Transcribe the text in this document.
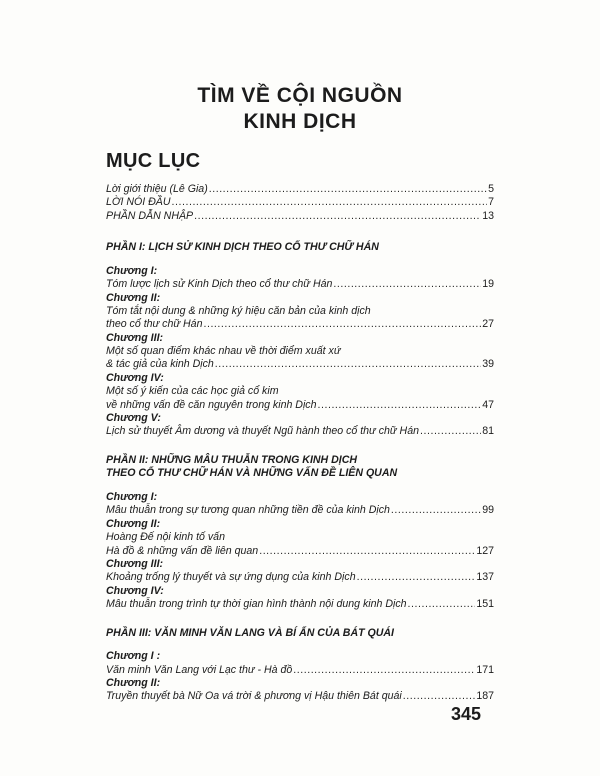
TÌM VỀ CỘI NGUỒN
KINH DỊCH
MỤC LỤC
Lời giới thiệu (Lê Gia) . . .	5
LỜI NÓI ĐẦU . . .	7
PHẦN DẪN NHẬP . . .	13
PHẦN I: LỊCH SỬ KINH DỊCH THEO CỔ THƯ CHỮ HÁN
Chương I:
Tóm lược lịch sử Kinh Dịch theo cổ thư chữ Hán . . .	19
Chương II:
Tóm tắt nội dung & những ký hiệu căn bản của kinh dịch
theo cổ thư chữ Hán . . .	27
Chương III:
Một số quan điểm khác nhau về thời điểm xuất xứ
& tác giả của kinh Dịch . . .	39
Chương IV:
Một số ý kiến của các học giả cổ kim
về những vấn đề căn nguyên trong kinh Dịch . . .	47
Chương V:
Lịch sử thuyết Âm dương và thuyết Ngũ hành theo cổ thư chữ Hán . . .	81
PHẦN II: NHỮNG MÂU THUẪN TRONG KINH DỊCH
THEO CỔ THƯ CHỮ HÁN VÀ NHỮNG VẤN ĐỀ LIÊN QUAN
Chương I:
Mâu thuẫn trong sự tương quan những tiền đề của kinh Dịch . . .	99
Chương II:
Hoàng Đế nội kinh tố vấn
Hà đồ & những vấn đề liên quan . . .	127
Chương III:
Khoảng trống lý thuyết và sự ứng dụng của kinh Dịch . . .	137
Chương IV:
Mâu thuẫn trong trình tự thời gian hình thành nội dung kinh Dịch . . .	151
PHẦN III: VĂN MINH VĂN LANG VÀ BÍ ẨN CỦA BÁT QUÁI
Chương I :
Văn minh Văn Lang với Lạc thư - Hà đồ . . .	171
Chương II:
Truyền thuyết bà Nữ Oa vá trời & phương vị Hậu thiên Bát quái . . .	187
345
